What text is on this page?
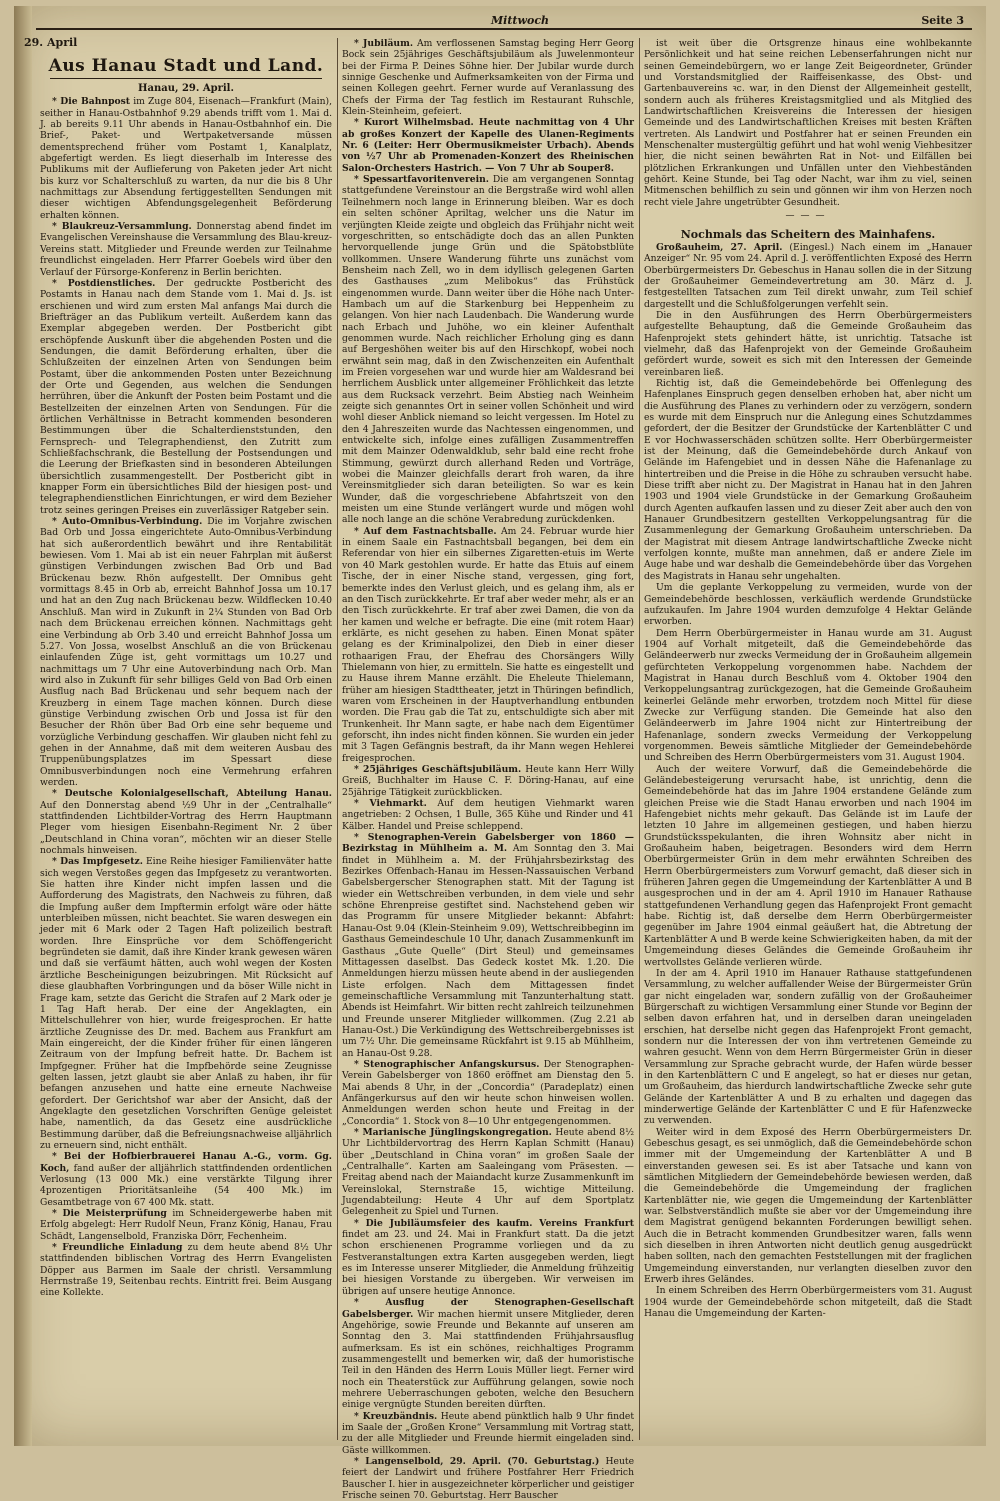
Mittwoch	Seite 3
29. April
Aus Hanau Stadt und Land.
Hanau, 29. April.

* Die Bahnpost im Zuge 804, Eisenach—Frankfurt (Main), seither in Hanau-Ostbahnhof 9.29 abends trifft vom 1. Mai d. J. ab bereits 9.11 Uhr abends in Hanau-Ostbahnhof ein. Die Brief-, Paket- und Wertpaketversande müssen dementsprechend früher vom Postamt 1, Kanalplatz, abgefertigt werden. Es liegt dieserhalb im Interesse des Publikums mit der Auflieferung von Paketen jeder Art nicht bis kurz vor Schalterschluß zu warten, da nur die bis 8 Uhr nachmittags zur Absendung fertiggestellten Sendungen mit dieser wichtigen Abfendungsgelegenheit Beförderung erhalten können.

* Blaukreuz-Versammlung. Donnerstag abend findet im Evangelischen Vereinshause die Versammlung des Blau-kreuz-Vereins statt. Mitglieder und Freunde werden zur Teilnahme freundlichst eingeladen. Herr Pfarrer Goebels wird über den Verlauf der Fürsorge-Konferenz in Berlin berichten.

* Postdienstliches. Der gedruckte Postbericht des Postamts in Hanau nach dem Stande vom 1. Mai d. Js. ist erschienen und wird zum ersten Mal anfangs Mai durch die Briefträger an das Publikum verteilt. Außerdem kann das Exemplar abgegeben werden. Der Postbericht gibt erschöpfende Auskunft über die abgehenden Posten und die Sendungen, die damit Beförderung erhalten, über die Schlußzeiten der einzelnen Arten von Sendungen beim Postamt, über die ankommenden Posten unter Bezeichnung der Orte und Gegenden, aus welchen die Sendungen herrühren, über die Ankunft der Posten beim Postamt und die Bestellzeiten der einzelnen Arten von Sendungen. Für die örtlichen Verhältnisse in Betracht kommenden besonderen Bestimmungen über die Schalterdienststunden, den Fernsprech- und Telegraphendienst, den Zutritt zum Schließfachschrank, die Bestellung der Postsendungen und die Leerung der Briefkasten sind in besonderen Abteilungen übersichtlich zusammengestellt. Der Postbericht gibt in knapper Form ein übersichtliches Bild der hiesigen post- und telegraphendienstlichen Einrichtungen, er wird dem Bezieher trotz seines geringen Preises ein zuverlässiger Ratgeber sein.

* Auto-Omnibus-Verbindung. Die im Vorjahre zwischen Bad Orb und Jossa eingerichtete Auto-Omnibus-Verbindung hat sich außerordentlich bewährt und ihre Rentabilität bewiesen. Vom 1. Mai ab ist ein neuer Fahrplan mit äußerst günstigen Verbindungen zwischen Bad Orb und Bad Brückenau bezw. Rhön aufgestellt. Der Omnibus geht vormittags 8.45 in Orb ab, erreicht Bahnhof Jossa um 10.17 und hat an den Zug nach Brückenau bezw. Wildflecken 10.40 Anschluß. Man wird in Zukunft in 2¼ Stunden von Bad Orb nach dem Brückenau erreichen können. Nachmittags geht eine Verbindung ab Orb 3.40 und erreicht Bahnhof Jossa um 5.27. Von Jossa, woselbst Anschluß an die von Brückenau einlaufenden Züge ist, geht vormittags um 10.27 und nachmittags um 7 Uhr eine Autoverbindung nach Orb. Man wird also in Zukunft für sehr billiges Geld von Bad Orb einen Ausflug nach Bad Brückenau und sehr bequem nach der Kreuzberg in einem Tage machen können. Durch diese günstige Verbindung zwischen Orb und Jossa ist für den Besucher der Rhön über Bad Orb eine sehr bequeme und vorzügliche Verbindung geschaffen. Wir glauben nicht fehl zu gehen in der Annahme, daß mit dem weiteren Ausbau des Truppenübungsplatzes im Spessart diese Omnibusverbindungen noch eine Vermehrung erfahren werden.

* Deutsche Kolonialgesellschaft, Abteilung Hanau. Auf den Donnerstag abend ½9 Uhr in der „Centralhalle“ stattfindenden Lichtbilder-Vortrag des Herrn Hauptmann Pleger vom hiesigen Eisenbahn-Regiment Nr. 2 über „Deutschland in China voran“, möchten wir an dieser Stelle nochmals hinweisen.

* Das Impfgesetz. Eine Reihe hiesiger Familienväter hatte sich wegen Verstoßes gegen das Impfgesetz zu verantworten. Sie hatten ihre Kinder nicht impfen lassen und die Aufforderung des Magistrats, den Nachweis zu führen, daß die Impfung außer dem Impftermin erfolgt wäre oder hätte unterbleiben müssen, nicht beachtet. Sie waren deswegen ein jeder mit 6 Mark oder 2 Tagen Haft polizeilich bestraft worden. Ihre Einsprüche vor dem Schöffengericht begründeten sie damit, daß ihre Kinder krank gewesen wären und daß sie verfäumt hätten, auch wohl wegen der Kosten ärztliche Bescheinigungen beizubringen. Mit Rücksicht auf diese glaubhaften Vorbringungen und da böser Wille nicht in Frage kam, setzte das Gericht die Strafen auf 2 Mark oder je 1 Tag Haft herab. Der eine der Angeklagten, ein Mittelschullehrer von hier, wurde freigesprochen. Er hatte ärztliche Zeugnisse des Dr. med. Bachem aus Frankfurt am Main eingereicht, der die Kinder früher für einen längeren Zeitraum von der Impfung befreit hatte. Dr. Bachem ist Impfgegner. Früher hat die Impfbehörde seine Zeugnisse gelten lassen, jetzt glaubt sie aber Anlaß zu haben, ihr für befangen anzusehen und hatte eine erneute Nachweise gefordert. Der Gerichtshof war aber der Ansicht, daß der Angeklagte den gesetzlichen Vorschriften Genüge geleistet habe, namentlich, da das Gesetz eine ausdrückliche Bestimmung darüber, daß die Befreiungsnachweise alljährlich zu erneuern sind, nicht enthält.

* Bei der Hofbierbrauerei Hanau A.-G., vorm. Gg. Koch, fand außer der alljährlich stattfindenden ordentlichen Verlosung (13 000 Mk.) eine verstärkte Tilgung ihrer 4prozentigen Prioritätsanleihe (54 400 Mk.) im Gesamtbetrage von 67 400 Mk. statt.

* Die Meisterprüfung im Schneidergewerbe haben mit Erfolg abgelegt: Herr Rudolf Neun, Franz König, Hanau, Frau Schädt, Langenselbold, Franziska Dörr, Fechenheim.

* Freundliche Einladung zu dem heute abend 8½ Uhr stattfindenden biblischen Vortrag des Herrn Evangelisten Döpper aus Barmen im Saale der christl. Versammlung Herrnstraße 19, Seitenbau rechts. Eintritt frei. Beim Ausgang eine Kollekte.

* Jubiläum. Am verflossenen Samstag beging Herr Georg Bock sein 25jähriges Geschäftsjubiläum als Juwelenmonteur bei der Firma P. Deines Söhne hier. Der Jubilar wurde durch sinnige Geschenke und Aufmerksamkeiten von der Firma und seinen Kollegen geehrt. Ferner wurde auf Veranlassung des Chefs der Firma der Tag festlich im Restaurant Ruhschle, Klein-Steinheim, gefeiert.

* Kurort Wilhelmsbad. Heute nachmittag von 4 Uhr ab großes Konzert der Kapelle des Ulanen-Regiments Nr. 6 (Leiter: Herr Obermusikmeister Urbach). Abends von ½7 Uhr ab Promenaden-Konzert des Rheinischen Salon-Orchesters Hastrich. — Von 7 Uhr ab Souper8.

* Spessartfavoritenverein. Die am vergangenen Sonntag stattgefundene Vereinstour an die Bergstraße wird wohl allen Teilnehmern noch lange in Erinnerung bleiben. War es doch ein selten schöner Apriltag, welcher uns die Natur im verjüngten Kleide zeigte und obgleich das Frühjahr nicht weit vorgeschritten, so entschädigte doch das an allen Punkten hervorquellende junge Grün und die Spätobstblüte vollkommen. Unsere Wanderung führte uns zunächst vom Bensheim nach Zell, wo in dem idyllisch gelegenen Garten des Gasthauses „zum Melibokus“ das Frühstück eingenommen wurde. Dann weiter über die Höhe nach Unter-Hambach um auf die Starkenburg bei Heppenheim zu gelangen. Von hier nach Laudenbach. Die Wanderung wurde nach Erbach und Juhöhe, wo ein kleiner Aufenthalt genommen wurde. Nach reichlicher Erholung ging es dann auf Bergeshöhen weiter bis auf den Hirschkopf, wobei noch erwähnt sein mag, daß in den Zwischenzeiten ein Aufenthalt im Freien vorgesehen war und wurde hier am Waldesrand bei herrlichem Ausblick unter allgemeiner Fröhlichkeit das letzte aus dem Rucksack verzehrt. Beim Abstieg nach Weinheim zeigte sich genanntes Ort in seiner vollen Schönheit und wird wohl dieser Anblick niemand so leicht vergessen. Im Hotel zu den 4 Jahreszeiten wurde das Nachtessen eingenommen, und entwickelte sich, infolge eines zufälligen Zusammentreffen mit dem Mainzer Odenwaldklub, sehr bald eine recht frohe Stimmung, gewürzt durch allerhand Reden und Vorträge, wobei die Mainzer gleichfalls derart froh waren, da ihre Vereinsmitglieder sich daran beteiligten. So war es kein Wunder, daß die vorgeschriebene Abfahrtszeit von den meisten um eine Stunde verlängert wurde und mögen wohl alle noch lange an die schöne Verabredung zurückdenken.

* Auf dem Fastnachtsballe. Am 24. Februar wurde hier in einem Saale ein Fastnachtsball begangen, bei dem ein Referendar von hier ein silbernes Zigaretten-etuis im Werte von 40 Mark gestohlen wurde. Er hatte das Etuis auf einem Tische, der in einer Nische stand, vergessen, ging fort, bemerkte indes den Verlust gleich, und es gelang ihm, als er an den Tisch zurückkehrte. Er traf aber weder mehr, als er an den Tisch zurückkehrte. Er traf aber zwei Damen, die von da her kamen und welche er befragte. Die eine (mit rotem Haar) erklärte, es nicht gesehen zu haben. Einen Monat später gelang es der Kriminalpolizei, den Dieb in einer dieser rothaarigen Frau, der Ehefrau des Chorsängers Willy Thielemann von hier, zu ermitteln. Sie hatte es eingestellt und zu Hause ihrem Manne erzählt. Die Eheleute Thielemann, früher am hiesigen Stadttheater, jetzt in Thüringen befindlich, waren vom Erscheinen in der Hauptverhandlung entbunden worden. Die Frau gab die Tat zu, entschuldigte sich aber mit Trunkenheit. Ihr Mann sagte, er habe nach dem Eigentümer geforscht, ihn indes nicht finden können. Sie wurden ein jeder mit 3 Tagen Gefängnis bestraft, da ihr Mann wegen Hehlerei freigesprochen.

* 25jähriges Geschäftsjubiläum. Heute kann Herr Willy Greiß, Buchhalter im Hause C. F. Döring-Hanau, auf eine 25jährige Tätigkeit zurückblicken.

* Viehmarkt. Auf dem heutigen Viehmarkt waren angetrieben: 2 Ochsen, 1 Bulle, 365 Kühe und Rinder und 41 Kälber. Handel und Preise schleppend.

* Stenographen-Verein Gabelsberger von 1860 — Bezirkstag in Mühlheim a. M. Am Sonntag den 3. Mai findet in Mühlheim a. M. der Frühjahrsbezirkstag des Bezirkes Offenbach-Hanau im Hessen-Nassauischen Verband Gabelsbergerscher Stenographen statt. Mit der Tagung ist wieder ein Wettschreiben verbunden, in dem viele und sehr schöne Ehrenpreise gestiftet sind. Nachstehend geben wir das Programm für unsere Mitglieder bekannt: Abfahrt: Hanau-Ost 9.04 (Klein-Steinheim 9.09), Wettschreibbeginn im Gasthaus Gemeindeschule 10 Uhr, danach Zusammenkunft im Gasthaus „Gute Quelle“ (Dirt Steul) und gemeinsames Mittagessen daselbst. Das Gedeck kostet Mk. 1.20. Die Anmeldungen hierzu müssen heute abend in der ausliegenden Liste erfolgen. Nach dem Mittagessen findet gemeinschaftliche Versammlung mit Tanzunterhaltung statt. Abends ist Heimfahrt. Wir bitten recht zahlreich teilzunehmen und Freunde unserer Mitglieder willkommen. (Zug 2.21 ab Hanau-Ost.) Die Verkündigung des Wettschreibergebnisses ist um 7½ Uhr. Die gemeinsame Rückfahrt ist 9.15 ab Mühlheim, an Hanau-Ost 9.28.

* Stenographischer Anfangskursus. Der Stenographen-Verein Gabelsberger von 1860 eröffnet am Dienstag den 5. Mai abends 8 Uhr, in der „Concordia“ (Paradeplatz) einen Anfängerkursus auf den wir heute schon hinweisen wollen. Anmeldungen werden schon heute und Freitag in der „Concordia“ 1. Stock von 8—10 Uhr entgegengenommen.

* Marianische Jünglingskongregation. Heute abend 8½ Uhr Lichtbildervortrag des Herrn Kaplan Schmitt (Hanau) über „Deutschland in China voran“ im großen Saale der „Centralhalle“. Karten am Saaleingang vom Präsesten. — Freitag abend nach der Maiandacht kurze Zusammenkunft im Vereinslokal, Sternstraße 15, wichtige Mitteilung. Jugendabteilung: Heute 4 Uhr auf dem Sportplatz Gelegenheit zu Spiel und Turnen.

* Die Jubiläumsfeier des kaufm. Vereins Frankfurt findet am 23. und 24. Mai in Frankfurt statt. Da die jetzt schon erschienenen Programme vorliegen und da zu Festveranstaltungen extra Karten ausgegeben werden, liegt es im Interesse unserer Mitglieder, die Anmeldung frühzeitig bei hiesigen Vorstande zu übergeben. Wir verweisen im übrigen auf unsere heutige Annonce.

* Ausflug der Stenographen-Gesellschaft Gabelsberger. Wir machen hiermit unsere Mitglieder, deren Angehörige, sowie Freunde und Bekannte auf unseren am Sonntag den 3. Mai stattfindenden Frühjahrsausflug aufmerksam. Es ist ein schönes, reichhaltiges Programm zusammengestellt und bemerken wir, daß der humoristische Teil in den Händen des Herrn Louis Müller liegt. Ferner wird noch ein Theaterstück zur Aufführung gelangen, sowie noch mehrere Ueberraschungen geboten, welche den Besuchern einige vergnügte Stunden bereiten dürften.

* Kreuzbändnis. Heute abend pünktlich halb 9 Uhr findet im Saale der „Großen Krone“ Versammlung mit Vortrag statt, zu der alle Mitglieder und Freunde hiermit eingeladen sind. Gäste willkommen.

* Langenselbold, 29. April. (70. Geburtstag.) Heute feiert der Landwirt und frühere Postfahrer Herr Friedrich Bauscher I. hier in ausgezeichneter körperlicher und geistiger Frische seinen 70. Geburtstag. Herr Bauscher

ist weit über die Ortsgrenze hinaus eine wohlbekannte Persönlichkeit und hat seine reichen Lebenserfahrungen nicht nur seinen Gemeindebürgern, wo er lange Zeit Beigeordneter, Gründer und Vorstandsmitglied der Raiffeisenkasse, des Obst- und Gartenbauvereins ꝛc. war, in den Dienst der Allgemeinheit gestellt, sondern auch als früheres Kreistagsmitglied und als Mitglied des Landwirtschaftlichen Kreisvereins die Interessen der hiesigen Gemeinde und des Landwirtschaftlichen Kreises mit besten Kräften vertreten. Als Landwirt und Postfahrer hat er seinen Freunden ein Menschenalter mustergültig geführt und hat wohl wenig Viehbesitzer hier, die nicht seinen bewährten Rat in Not- und Eilfällen bei plötzlichen Erkrankungen und Unfällen unter den Viehbeständen gehört. Keine Stunde, bei Tag oder Nacht, war ihm zu viel, seinen Mitmenschen behilflich zu sein und gönnen wir ihm von Herzen noch recht viele Jahre ungetrübter Gesundheit.

———
Nochmals das Scheitern des Mainhafens.

Großauheim, 27. April. (Eingesl.) Nach einem im „Hanauer Anzeiger“ Nr. 95 vom 24. April d. J. veröffentlichten Exposé des Herrn Oberbürgermeisters Dr. Gebeschus in Hanau sollen die in der Sitzung der Großauheimer Gemeindevertretung am 30. März d. J. festgestellten Tatsachen zum Teil direkt unwahr, zum Teil schief dargestellt und die Schlußfolgerungen verfehlt sein.

Die in den Ausführungen des Herrn Oberbürgermeisters aufgestellte Behauptung, daß die Gemeinde Großauheim das Hafenprojekt stets gehindert hätte, ist unrichtig. Tatsache ist vielmehr, daß das Hafenprojekt von der Gemeinde Großauheim gefördert wurde, soweit es sich mit den Interessen der Gemeinde vereinbaren ließ.

Richtig ist, daß die Gemeindebehörde bei Offenlegung des Hafenplanes Einspruch gegen denselben erhoben hat, aber nicht um die Ausführung des Planes zu verhindern oder zu verzögern, sondern es wurde mit dem Einspruch nur die Anlegung eines Schutzdammes gefordert, der die Besitzer der Grundstücke der Kartenblätter C und E vor Hochwasserschäden schützen sollte. Herr Oberbürgermeister ist der Meinung, daß die Gemeindebehörde durch Ankauf von Gelände im Hafengebiet und in dessen Nähe die Hafenanlage zu hintertreiben und die Preise in die Höhe zu schrauben versucht habe. Diese trifft aber nicht zu. Der Magistrat in Hanau hat in den Jahren 1903 und 1904 viele Grundstücke in der Gemarkung Großauheim durch Agenten aufkaufen lassen und zu dieser Zeit aber auch den von Hanauer Grundbesitzern gestellten Verkoppelungsantrag für die Zusammenlegung der Gemarkung Großauheim unterschrieben. Da der Magistrat mit diesem Antrage landwirtschaftliche Zwecke nicht verfolgen konnte, mußte man annehmen, daß er andere Ziele im Auge habe und war deshalb die Gemeindebehörde über das Vorgehen des Magistrats in Hanau sehr ungehalten.

Um die geplante Verkoppelung zu vermeiden, wurde von der Gemeindebehörde beschlossen, verkäuflich werdende Grundstücke aufzukaufen. Im Jahre 1904 wurden demzufolge 4 Hektar Gelände erworben.

Dem Herrn Oberbürgermeister in Hanau wurde am 31. August 1904 auf Vorhalt mitgeteilt, daß die Gemeindebehörde das Geländeerwerb nur zwecks Vermeidung der in Großauheim allgemein gefürchteten Verkoppelung vorgenommen habe. Nachdem der Magistrat in Hanau durch Beschluß vom 4. Oktober 1904 den Verkoppelungsantrag zurückgezogen, hat die Gemeinde Großauheim keinerlei Gelände mehr erworben, trotzdem noch Mittel für diese Zwecke zur Verfügung standen. Die Gemeinde hat also den Geländeerwerb im Jahre 1904 nicht zur Hintertreibung der Hafenanlage, sondern zwecks Vermeidung der Verkoppelung vorgenommen. Beweis sämtliche Mitglieder der Gemeindebehörde und Schreiben des Herrn Oberbürgermeisters vom 31. August 1904.

Auch der weitere Vorwurf, daß die Gemeindebehörde die Geländebesteigerung verursacht habe, ist unrichtig, denn die Gemeindebehörde hat das im Jahre 1904 erstandene Gelände zum gleichen Preise wie die Stadt Hanau erworben und nach 1904 im Hafengebiet nichts mehr gekauft. Das Gelände ist im Laufe der letzten 10 Jahre im allgemeinen gestiegen, und haben hierzu Grundstücksspekulanten, die ihren Wohnsitz aber nicht in Großauheim haben, beigetragen. Besonders wird dem Herrn Oberbürgermeister Grün in dem mehr erwähnten Schreiben des Herrn Oberbürgermeisters zum Vorwurf gemacht, daß dieser sich in früheren Jahren gegen die Umgemeindung der Kartenblätter A und B ausgesprochen und in der am 4. April 1910 im Hanauer Rathause stattgefundenen Verhandlung gegen das Hafenprojekt Front gemacht habe. Richtig ist, daß derselbe dem Herrn Oberbürgermeister gegenüber im Jahre 1904 einmal geäußert hat, die Abtretung der Kartenblätter A und B werde keine Schwierigkeiten haben, da mit der Umgemeindung dieses Geländes die Gemeinde Großauheim ihr wertvollstes Gelände verlieren würde.

In der am 4. April 1910 im Hanauer Rathause stattgefundenen Versammlung, zu welcher auffallender Weise der Bürgermeister Grün gar nicht eingeladen war, sondern zufällig von der Großauheimer Bürgerschaft zu wichtigen Versammlung einer Stunde vor Beginn der selben davon erfahren hat, und in derselben daran uneingeladen erschien, hat derselbe nicht gegen das Hafenprojekt Front gemacht, sondern nur die Interessen der von ihm vertretenen Gemeinde zu wahren gesucht. Wenn von dem Herrn Bürgermeister Grün in dieser Versammlung zur Sprache gebracht wurde, der Hafen würde besser in den Kartenblättern C und E angelegt, so hat er dieses nur getan, um Großauheim, das hierdurch landwirtschaftliche Zwecke sehr gute Gelände der Kartenblätter A und B zu erhalten und dagegen das minderwertige Gelände der Kartenblätter C und E für Hafenzwecke zu verwenden.

Weiter wird in dem Exposé des Herrn Oberbürgermeisters Dr. Gebeschus gesagt, es sei unmöglich, daß die Gemeindebehörde schon immer mit der Umgemeindung der Kartenblätter A und B einverstanden gewesen sei. Es ist aber Tatsache und kann von sämtlichen Mitgliedern der Gemeindebehörde bewiesen werden, daß die Gemeindebehörde die Umgemeindung der fraglichen Kartenblätter nie, wie gegen die Umgemeindung der Kartenblätter war. Selbstverständlich mußte sie aber vor der Umgemeindung ihre dem Magistrat genügend bekannten Forderungen bewilligt sehen. Auch die in Betracht kommenden Grundbesitzer waren, falls wenn sich dieselben in ihren Antworten nicht deutlich genug ausgedrückt haben sollten, nach den gemachten Feststellungen mit der fraglichen Umgemeindung einverstanden, nur verlangten dieselben zuvor den Erwerb ihres Geländes.

In einem Schreiben des Herrn Oberbürgermeisters vom 31. August 1904 wurde der Gemeindebehörde schon mitgeteilt, daß die Stadt Hanau die Umgemeindung der Karten-
